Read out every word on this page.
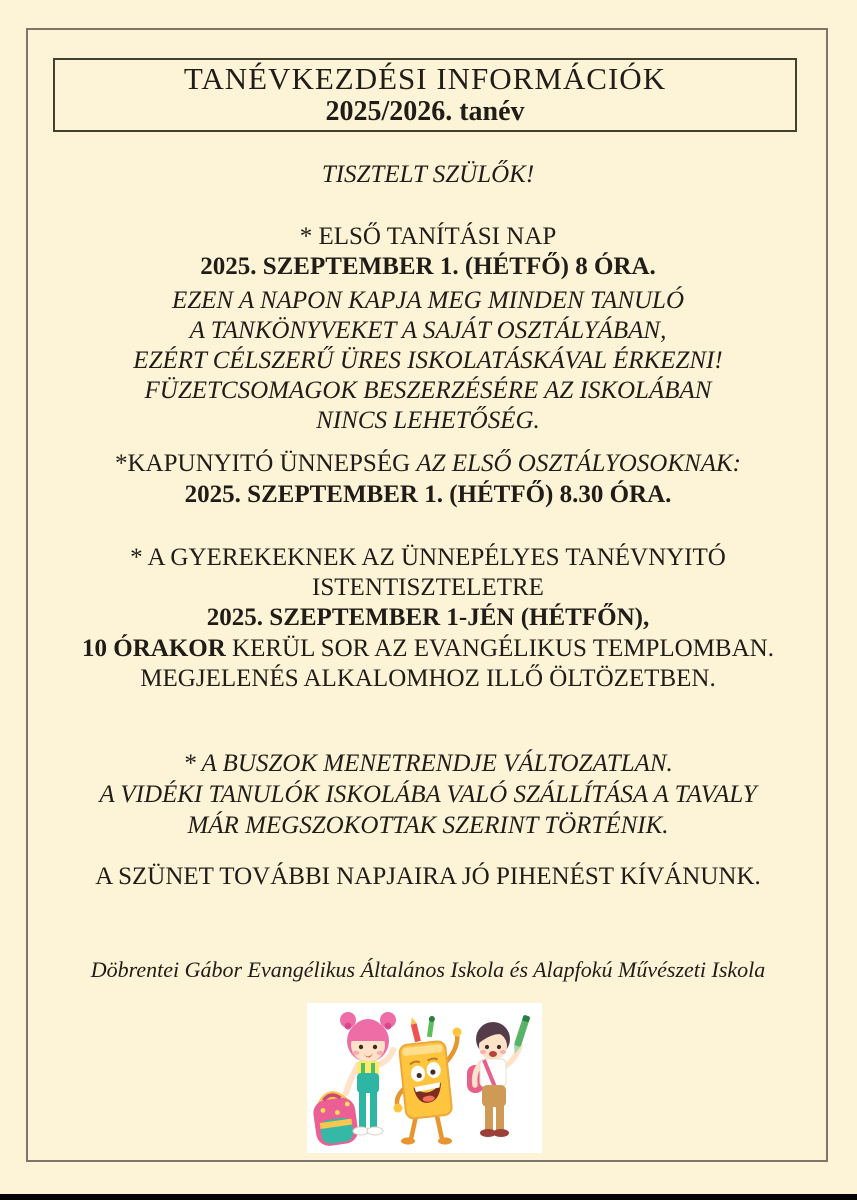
TANÉVKEZDÉSI INFORMÁCIÓK
2025/2026. tanév
TISZTELT SZÜLŐK!
* ELSŐ TANÍTÁSI NAP
2025. SZEPTEMBER 1. (HÉTFŐ) 8 ÓRA.
EZEN A NAPON KAPJA MEG MINDEN TANULÓ
A TANKÖNYVEKET A SAJÁT OSZTÁLYÁBAN,
EZÉRT CÉLSZERŰ ÜRES ISKOLATÁSKÁVAL ÉRKEZNI!
FÜZETCSOMAGOK BESZERZÉSÉRE AZ ISKOLÁBAN
NINCS LEHETŐSÉG.
*KAPUNYITÓ ÜNNEPSÉG AZ ELSŐ OSZTÁLYOSOKNAK:
2025. SZEPTEMBER 1. (HÉTFŐ) 8.30 ÓRA.
* A GYEREKEKNEK AZ ÜNNEPÉLYES TANÉVNYITÓ
ISTENTISZTELETRE
2025. SZEPTEMBER 1-JÉN (HÉTFŐN),
10 ÓRAKOR KERÜL SOR AZ EVANGÉLIKUS TEMPLOMBAN.
MEGJELENÉS ALKALOMHOZ ILLŐ ÖLTÖZETBEN.
* A BUSZOK MENETRENDJE VÁLTOZATLAN.
A VIDÉKI TANULÓK ISKOLÁBA VALÓ SZÁLLÍTÁSA A TAVALY
MÁR MEGSZOKOTTAK SZERINT TÖRTÉNIK.
A SZÜNET TOVÁBBI NAPJAIRA JÓ PIHENÉST KÍVÁNUNK.
Döbrentei Gábor Evangélikus Általános Iskola és Alapfokú Művészeti Iskola
